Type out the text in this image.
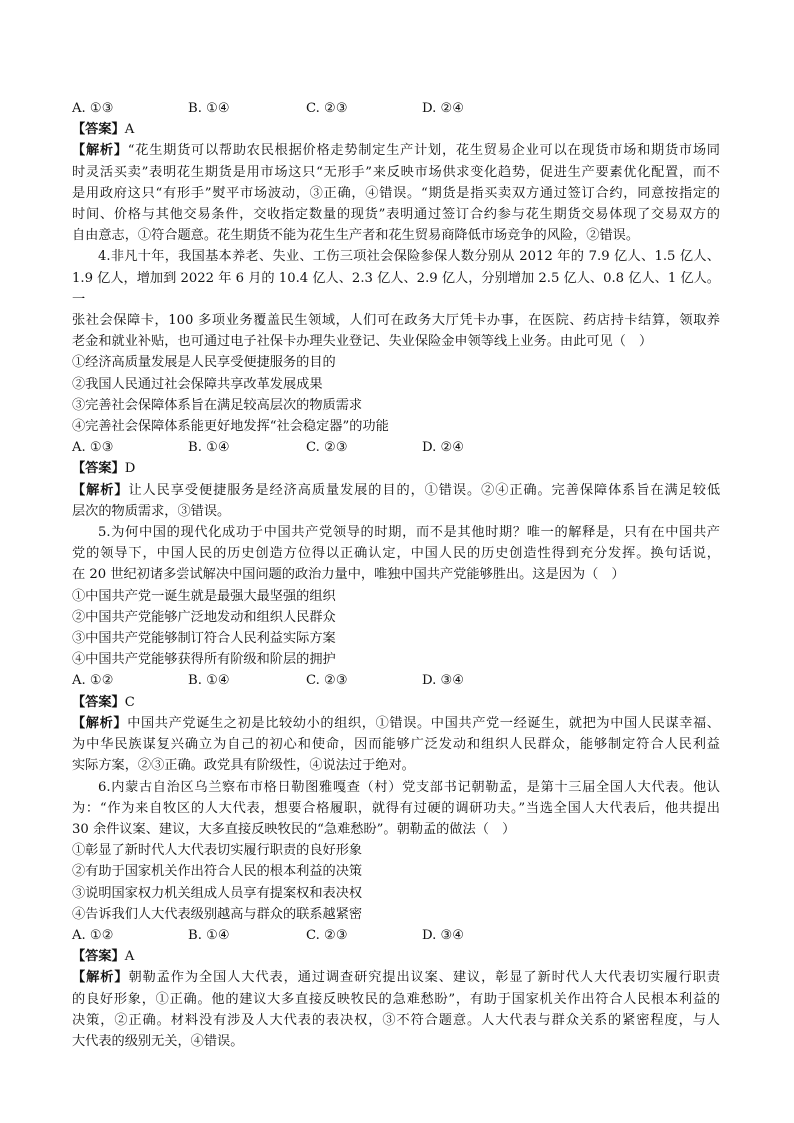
A. ①③	B. ①④	C. ②③	D. ②④
【答案】A
【解析】“花生期货可以帮助农民根据价格走势制定生产计划，花生贸易企业可以在现货市场和期货市场同
时灵活买卖”表明花生期货是用市场这只“无形手”来反映市场供求变化趋势，促进生产要素优化配置，而不
是用政府这只“有形手”熨平市场波动，③正确，④错误。“期货是指买卖双方通过签订合约，同意按指定的
时间、价格与其他交易条件，交收指定数量的现货”表明通过签订合约参与花生期货交易体现了交易双方的
自由意志，①符合题意。花生期货不能为花生生产者和花生贸易商降低市场竞争的风险，②错误。
4.非凡十年，我国基本养老、失业、工伤三项社会保险参保人数分别从 2012 年的 7.9 亿人、1.5 亿人、
1.9 亿人，增加到 2022 年 6 月的 10.4 亿人、2.3 亿人、2.9 亿人，分别增加 2.5 亿人、0.8 亿人、1 亿人。一
张社会保障卡，100 多项业务覆盖民生领域，人们可在政务大厅凭卡办事，在医院、药店持卡结算，领取养
老金和就业补贴，也可通过电子社保卡办理失业登记、失业保险金申领等线上业务。由此可见（　）
①经济高质量发展是人民享受便捷服务的目的
②我国人民通过社会保障共享改革发展成果
③完善社会保障体系旨在满足较高层次的物质需求
④完善社会保障体系能更好地发挥“社会稳定器”的功能
A. ①③	B. ①④	C. ②③	D. ②④
【答案】D
【解析】让人民享受便捷服务是经济高质量发展的目的，①错误。②④正确。完善保障体系旨在满足较低
层次的物质需求，③错误。
5.为何中国的现代化成功于中国共产党领导的时期，而不是其他时期？唯一的解释是，只有在中国共产
党的领导下，中国人民的历史创造方位得以正确认定，中国人民的历史创造性得到充分发挥。换句话说，
在 20 世纪初诸多尝试解决中国问题的政治力量中，唯独中国共产党能够胜出。这是因为（　）
①中国共产党一诞生就是最强大最坚强的组织
②中国共产党能够广泛地发动和组织人民群众
③中国共产党能够制订符合人民利益实际方案
④中国共产党能够获得所有阶级和阶层的拥护
A. ①②	B. ①④	C. ②③	D. ③④
【答案】C
【解析】中国共产党诞生之初是比较幼小的组织，①错误。中国共产党一经诞生，就把为中国人民谋幸福、
为中华民族谋复兴确立为自己的初心和使命，因而能够广泛发动和组织人民群众，能够制定符合人民利益
实际方案，②③正确。政党具有阶级性，④说法过于绝对。
6.内蒙古自治区乌兰察布市格日勒图雅嘎查（村）党支部书记朝勒孟，是第十三届全国人大代表。他认
为：“作为来自牧区的人大代表，想要合格履职，就得有过硬的调研功夫。”当选全国人大代表后，他共提出
30 余件议案、建议，大多直接反映牧民的“急难愁盼”。朝勒孟的做法（　）
①彰显了新时代人大代表切实履行职责的良好形象
②有助于国家机关作出符合人民的根本利益的决策
③说明国家权力机关组成人员享有提案权和表决权
④告诉我们人大代表级别越高与群众的联系越紧密
A. ①②	B. ①④	C. ②③	D. ③④
【答案】A
【解析】朝勒孟作为全国人大代表，通过调查研究提出议案、建议，彰显了新时代人大代表切实履行职责
的良好形象，①正确。他的建议大多直接反映牧民的急难愁盼”，有助于国家机关作出符合人民根本利益的
决策，②正确。材料没有涉及人大代表的表决权，③不符合题意。人大代表与群众关系的紧密程度，与人
大代表的级别无关，④错误。
